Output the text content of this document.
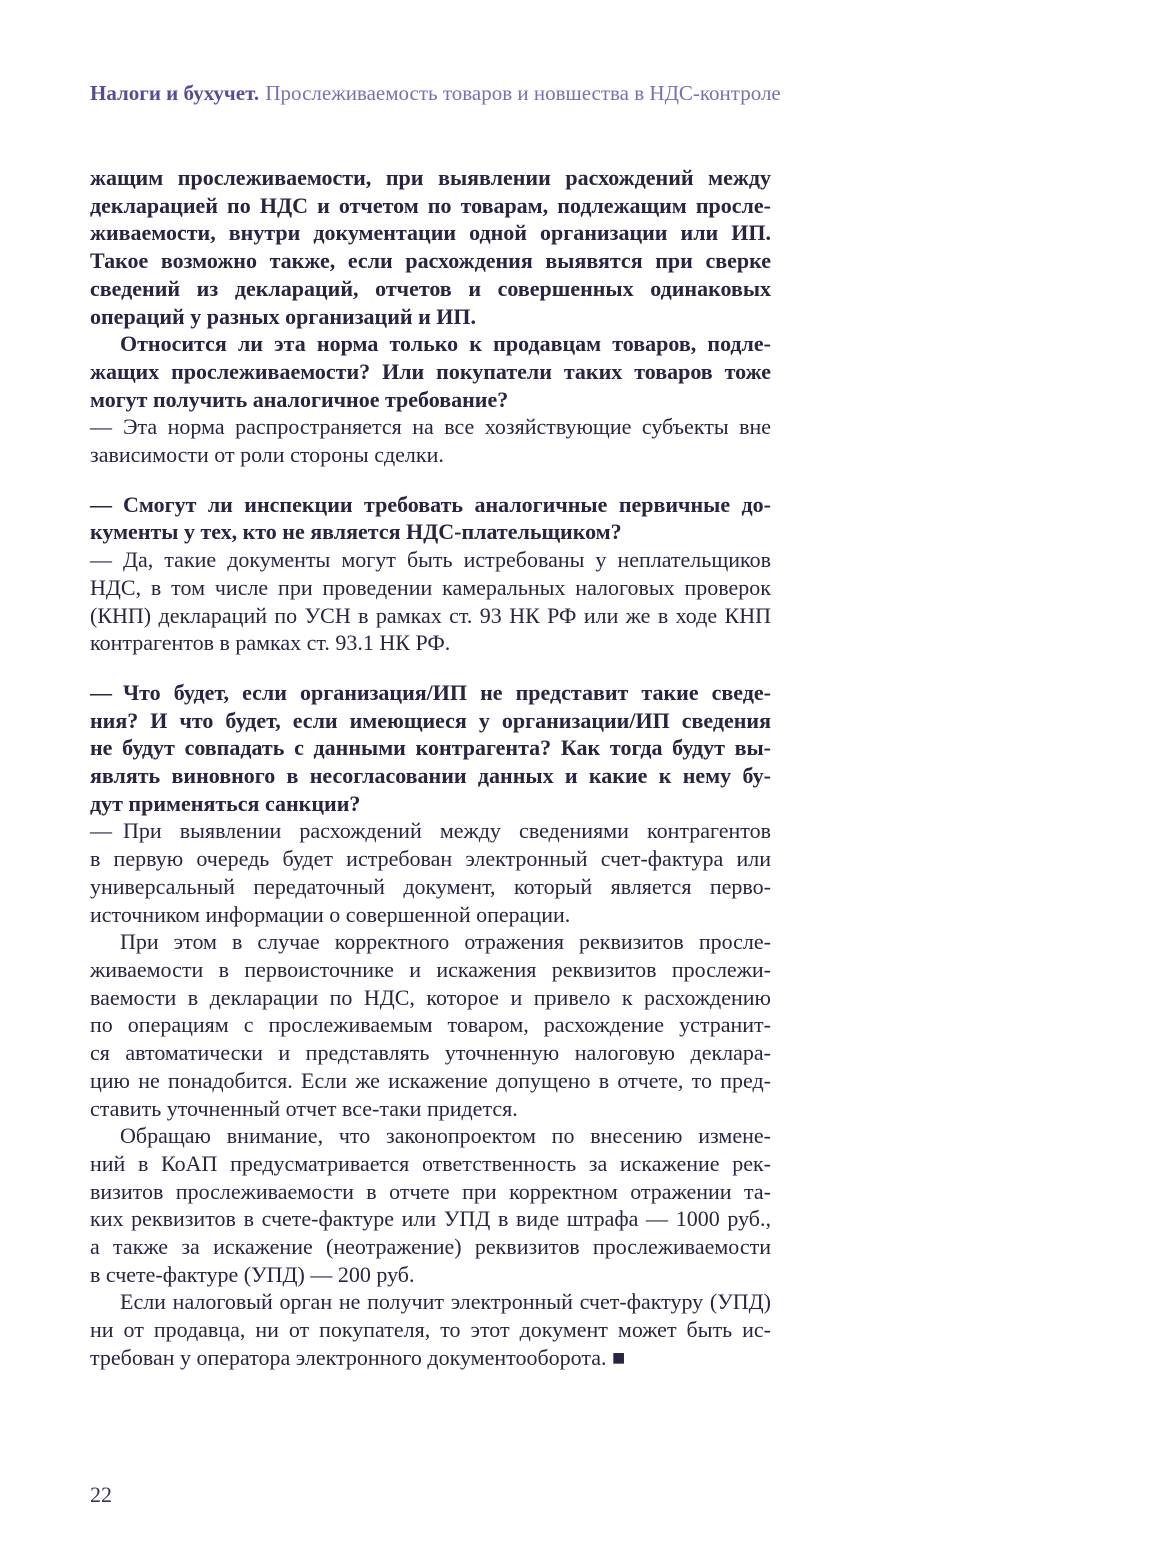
Налоги и бухучет. Прослеживаемость товаров и новшества в НДС-контроле

жащим прослеживаемости, при выявлении расхождений между
декларацией по НДС и отчетом по товарам, подлежащим просле-
живаемости, внутри документации одной организации или ИП.
Такое возможно также, если расхождения выявятся при сверке
сведений из деклараций, отчетов и совершенных одинаковых
операций у разных организаций и ИП.

Относится ли эта норма только к продавцам товаров, подле-
жащих прослеживаемости? Или покупатели таких товаров тоже
могут получить аналогичное требование?

— Эта норма распространяется на все хозяйствующие субъекты вне
зависимости от роли стороны сделки.

— Смогут ли инспекции требовать аналогичные первичные до-
кументы у тех, кто не является НДС-плательщиком?

— Да, такие документы могут быть истребованы у неплательщиков
НДС, в том числе при проведении камеральных налоговых проверок
(КНП) деклараций по УСН в рамках ст. 93 НК РФ или же в ходе КНП
контрагентов в рамках ст. 93.1 НК РФ.

— Что будет, если организация/ИП не представит такие сведе-
ния? И что будет, если имеющиеся у организации/ИП сведения
не будут совпадать с данными контрагента? Как тогда будут вы-
являть виновного в несогласовании данных и какие к нему бу-
дут применяться санкции?

— При выявлении расхождений между сведениями контрагентов
в первую очередь будет истребован электронный счет-фактура или
универсальный передаточный документ, который является перво-
источником информации о совершенной операции.

При этом в случае корректного отражения реквизитов просле-
живаемости в первоисточнике и искажения реквизитов прослежи-
ваемости в декларации по НДС, которое и привело к расхождению
по операциям с прослеживаемым товаром, расхождение устранит-
ся автоматически и представлять уточненную налоговую деклара-
цию не понадобится. Если же искажение допущено в отчете, то пред-
ставить уточненный отчет все-таки придется.

Обращаю внимание, что законопроектом по внесению измене-
ний в КоАП предусматривается ответственность за искажение рек-
визитов прослеживаемости в отчете при корректном отражении та-
ких реквизитов в счете-фактуре или УПД в виде штрафа — 1000 руб.,
а также за искажение (неотражение) реквизитов прослеживаемости
в счете-фактуре (УПД) — 200 руб.

Если налоговый орган не получит электронный счет-фактуру (УПД)
ни от продавца, ни от покупателя, то этот документ может быть ис-
требован у оператора электронного документооборота. ■

22
